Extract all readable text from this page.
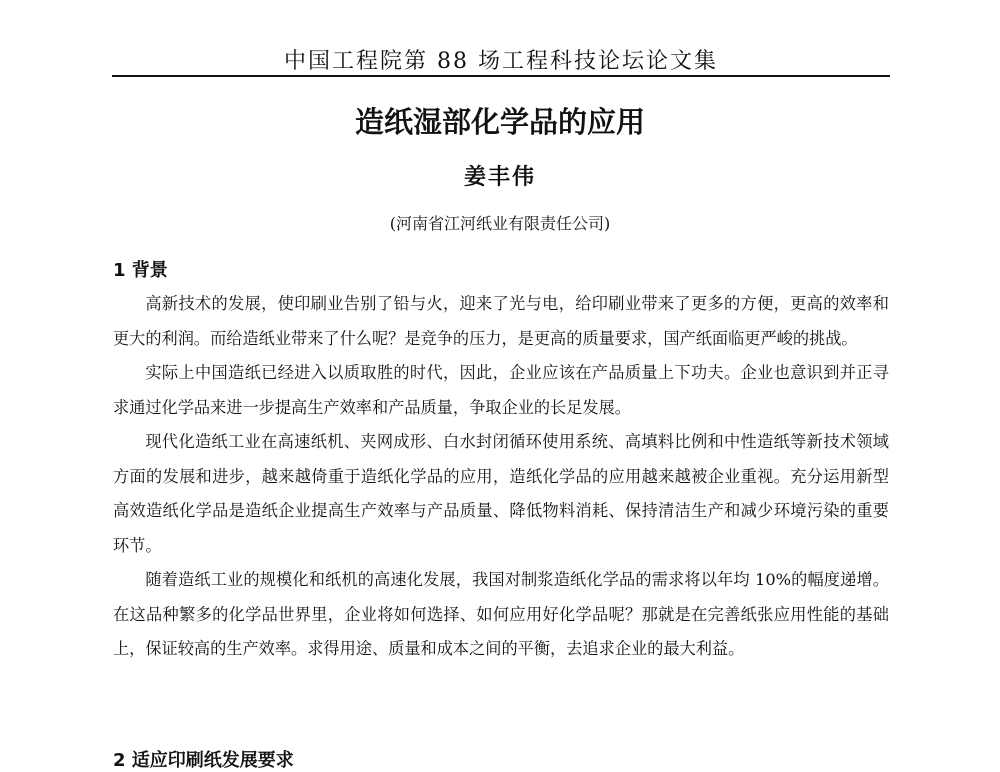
中国工程院第 88 场工程科技论坛论文集
造纸湿部化学品的应用
姜丰伟
(河南省江河纸业有限责任公司)
1 背景

高新技术的发展，使印刷业告别了铅与火，迎来了光与电，给印刷业带来了更多的方便，更高的效率和更大的利润。而给造纸业带来了什么呢？是竞争的压力，是更高的质量要求，国产纸面临更严峻的挑战。

实际上中国造纸已经进入以质取胜的时代，因此，企业应该在产品质量上下功夫。企业也意识到并正寻求通过化学品来进一步提高生产效率和产品质量，争取企业的长足发展。

现代化造纸工业在高速纸机、夹网成形、白水封闭循环使用系统、高填料比例和中性造纸等新技术领域方面的发展和进步，越来越倚重于造纸化学品的应用，造纸化学品的应用越来越被企业重视。充分运用新型高效造纸化学品是造纸企业提高生产效率与产品质量、降低物料消耗、保持清洁生产和减少环境污染的重要环节。

随着造纸工业的规模化和纸机的高速化发展，我国对制浆造纸化学品的需求将以年均 10%的幅度递增。在这品种繁多的化学品世界里，企业将如何选择、如何应用好化学品呢？那就是在完善纸张应用性能的基础上，保证较高的生产效率。求得用途、质量和成本之间的平衡，去追求企业的最大利益。

2 适应印刷纸发展要求
